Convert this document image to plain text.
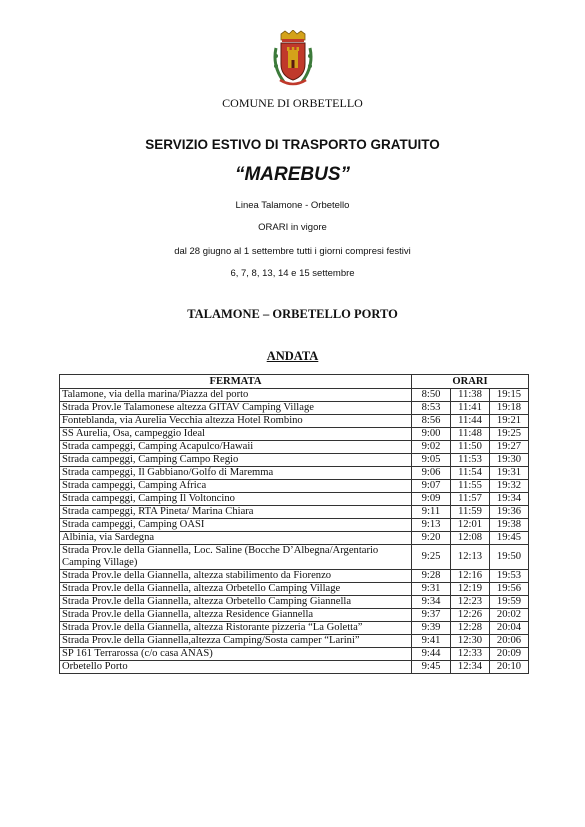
COMUNE DI ORBETELLO
SERVIZIO ESTIVO DI TRASPORTO GRATUITO
“MAREBUS”
Linea Talamone - Orbetello
ORARI in vigore
dal 28 giugno al 1 settembre tutti i giorni compresi festivi
6, 7, 8, 13, 14 e 15 settembre
TALAMONE – ORBETELLO PORTO
ANDATA
FERMATA	ORARI		
Talamone, via della marina/Piazza del porto	8:50	11:38	19:15
Strada Prov.le Talamonese altezza GITAV Camping Village	8:53	11:41	19:18
Fonteblanda, via Aurelia Vecchia altezza Hotel Rombino	8:56	11:44	19:21
SS Aurelia, Osa, campeggio Ideal	9:00	11:48	19:25
Strada campeggi, Camping Acapulco/Hawaii	9:02	11:50	19:27
Strada campeggi, Camping Campo Regio	9:05	11:53	19:30
Strada campeggi, Il Gabbiano/Golfo di Maremma	9:06	11:54	19:31
Strada campeggi, Camping Africa	9:07	11:55	19:32
Strada campeggi, Camping Il Voltoncino	9:09	11:57	19:34
Strada campeggi, RTA Pineta/ Marina Chiara	9:11	11:59	19:36
Strada campeggi, Camping OASI	9:13	12:01	19:38
Albinia, via Sardegna	9:20	12:08	19:45
Strada Prov.le della Giannella, Loc. Saline (Bocche D’Albegna/Argentario Camping Village)	9:25	12:13	19:50
Strada Prov.le della Giannella, altezza stabilimento da Fiorenzo	9:28	12:16	19:53
Strada Prov.le della Giannella, altezza Orbetello Camping Village	9:31	12:19	19:56
Strada Prov.le della Giannella, altezza Orbetello Camping Giannella	9:34	12:23	19:59
Strada Prov.le della Giannella, altezza Residence Giannella	9:37	12:26	20:02
Strada Prov.le della Giannella, altezza Ristorante pizzeria “La Goletta”	9:39	12:28	20:04
Strada Prov.le della Giannella,altezza Camping/Sosta camper “Larini”	9:41	12:30	20:06
SP 161 Terrarossa (c/o casa ANAS)	9:44	12:33	20:09
Orbetello Porto	9:45	12:34	20:10
